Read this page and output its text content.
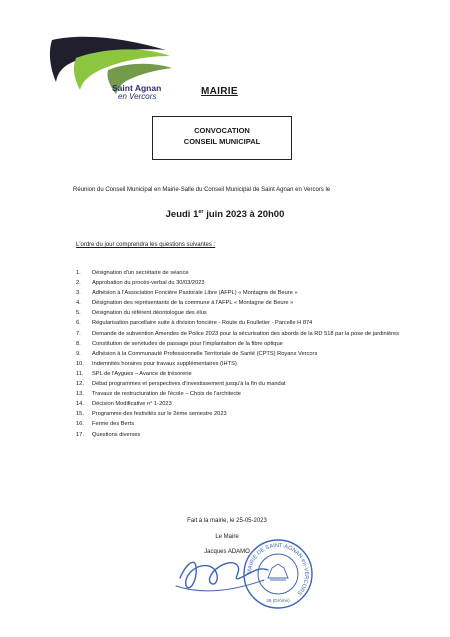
Saint Agnan
en Vercors	MAIRIE
CONVOCATION
CONSEIL MUNICIPAL
Réunion du Conseil Municipal en Mairie-Salle du Conseil Municipal de Saint Agnan en Vercors le
Jeudi 1er juin 2023 à 20h00
L'ordre du jour comprendra les questions suivantes :
1. Désignation d'un secrétaire de séance
2. Approbation du procès-verbal du 30/03/2023
3. Adhésion à l'Association Foncière Pastorale Libre (AFPL) « Montagne de Beure »
4. Désignation des représentants de la commune à l'AFPL « Montagne de Beure »
5. Désignation du référent déontologue des élus
6. Régularisation parcellaire suite à division foncière - Route du Foulletier - Parcelle H 874
7. Demande de subvention Amendes de Police 2023 pour la sécurisation des abords de la RD 518 par la pose de jardinières
8. Constitution de servitudes de passage pour l'implantation de la fibre optique
9. Adhésion à la Communauté Professionnelle Territoriale de Santé (CPTS) Royans Vercors
10. Indemnités horaires pour travaux supplémentaires (IHTS)
11. SPL de l'Aygues – Avance de trésorerie
12. Débat programmes et perspectives d'investissement jusqu'à la fin du mandat
13. Travaux de restructuration de l'école – Choix de l'architecte
14. Décision Modificative n° 1-2023
15. Programme des festivités sur le 2ème semestre 2023
16. Ferme des Berts
17. Questions diverses
Fait à la mairie, le 25-05-2023
Le Maire
Jacques ADAMO
MAIRIE DE SAINT-AGNAN-en-VERCORS
26 (Drôme)
